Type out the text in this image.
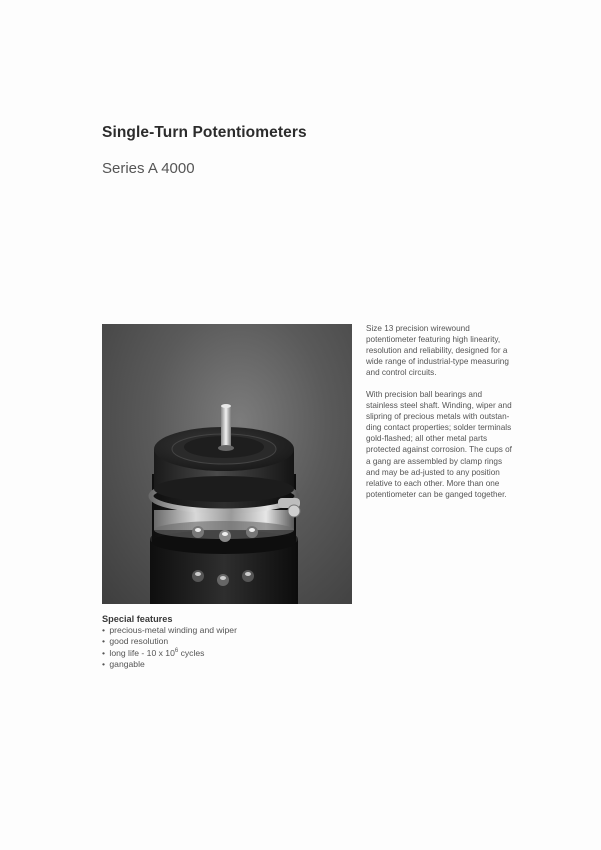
Single-Turn Potentiometers
Series A 4000

Size 13 precision wirewound potentiometer featuring high linearity, resolution and reliability, designed for a wide range of industrial-type measuring and control circuits.

With precision ball bearings and stainless steel shaft. Winding, wiper and slipring of precious metals with outstan-ding contact properties; solder terminals gold-flashed; all other metal parts protected against corrosion. The cups of a gang are assembled by clamp rings and may be ad-justed to any position relative to each other. More than one potentiometer can be ganged together.

Special features
• precious-metal winding and wiper
• good resolution
• long life - 10 x $10^6$ cycles
• gangable
